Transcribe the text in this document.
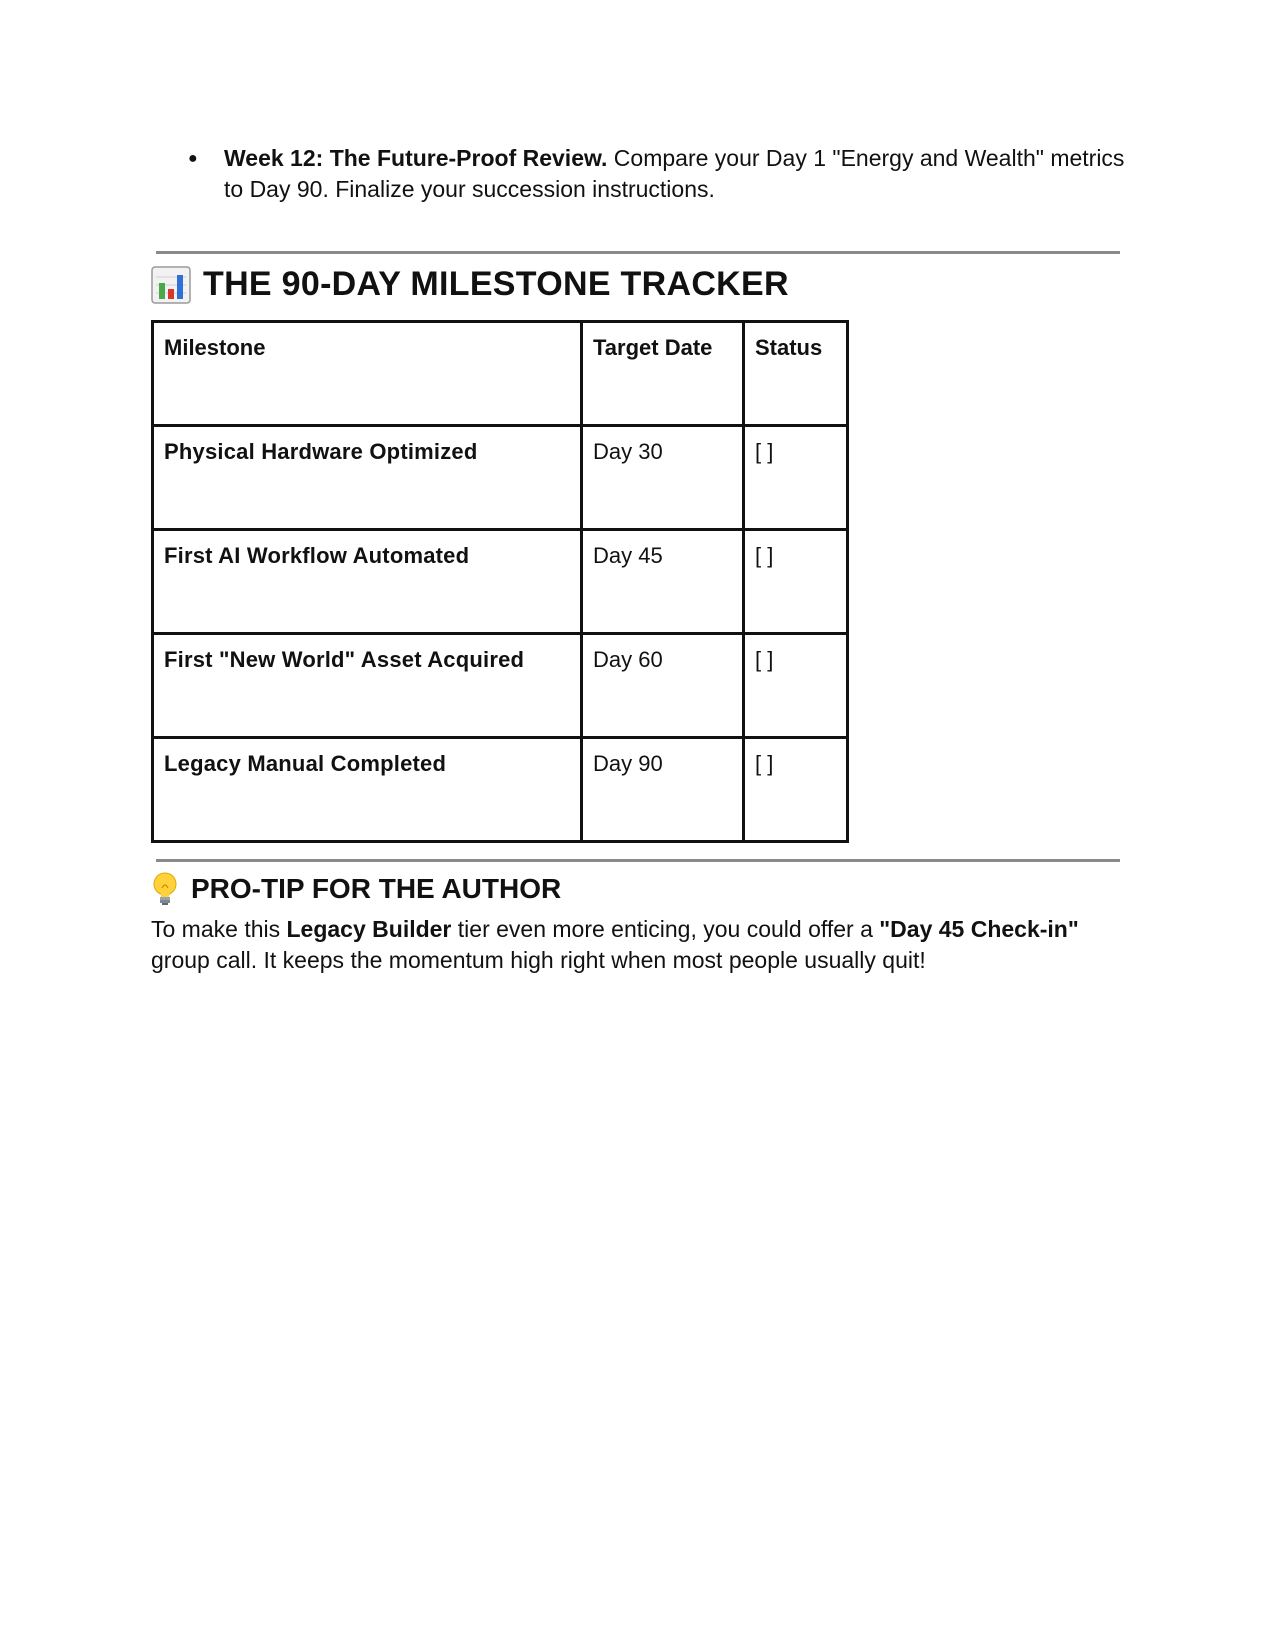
●	Week 12: The Future-Proof Review. Compare your Day 1 "Energy and Wealth" metrics to Day 90. Finalize your succession instructions.
THE 90-DAY MILESTONE TRACKER
Milestone	Target Date	Status
Physical Hardware Optimized	Day 30	[ ]
First AI Workflow Automated	Day 45	[ ]
First "New World" Asset Acquired	Day 60	[ ]
Legacy Manual Completed	Day 90	[ ]
PRO-TIP FOR THE AUTHOR
To make this Legacy Builder tier even more enticing, you could offer a "Day 45 Check-in" group call. It keeps the momentum high right when most people usually quit!
